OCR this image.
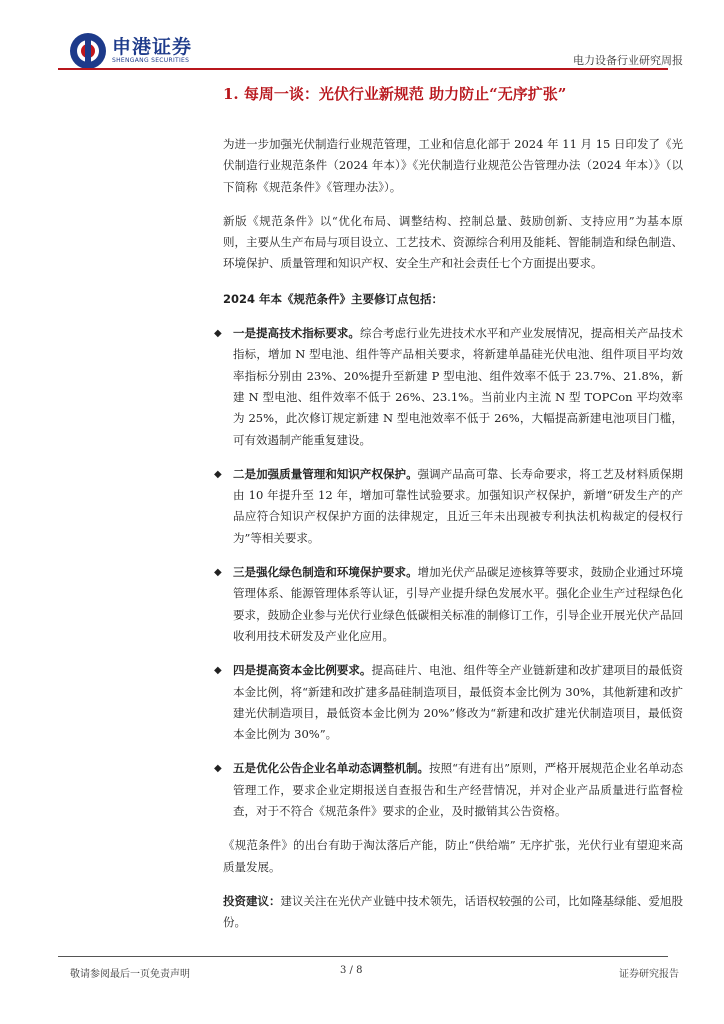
申港证券
SHENGANG SECURITIES	电力设备行业研究周报
1. 每周一谈：光伏行业新规范 助力防止“无序扩张”

为进一步加强光伏制造行业规范管理，工业和信息化部于 2024 年 11 月 15 日印发了《光伏制造行业规范条件（2024 年本）》《光伏制造行业规范公告管理办法（2024 年本）》（以下简称《规范条件》《管理办法》）。

新版《规范条件》以“优化布局、调整结构、控制总量、鼓励创新、支持应用”为基本原则，主要从生产布局与项目设立、工艺技术、资源综合利用及能耗、智能制造和绿色制造、环境保护、质量管理和知识产权、安全生产和社会责任七个方面提出要求。

2024 年本《规范条件》主要修订点包括：

◆ 一是提高技术指标要求。综合考虑行业先进技术水平和产业发展情况，提高相关产品技术指标，增加 N 型电池、组件等产品相关要求，将新建单晶硅光伏电池、组件项目平均效率指标分别由 23%、20%提升至新建 P 型电池、组件效率不低于 23.7%、21.8%，新建 N 型电池、组件效率不低于 26%、23.1%。当前业内主流 N 型 TOPCon 平均效率为 25%，此次修订规定新建 N 型电池效率不低于 26%，大幅提高新建电池项目门槛，可有效遏制产能重复建设。

◆ 二是加强质量管理和知识产权保护。强调产品高可靠、长寿命要求，将工艺及材料质保期由 10 年提升至 12 年，增加可靠性试验要求。加强知识产权保护，新增“研发生产的产品应符合知识产权保护方面的法律规定，且近三年未出现被专利执法机构裁定的侵权行为”等相关要求。

◆ 三是强化绿色制造和环境保护要求。增加光伏产品碳足迹核算等要求，鼓励企业通过环境管理体系、能源管理体系等认证，引导产业提升绿色发展水平。强化企业生产过程绿色化要求，鼓励企业参与光伏行业绿色低碳相关标准的制修订工作，引导企业开展光伏产品回收利用技术研发及产业化应用。

◆ 四是提高资本金比例要求。提高硅片、电池、组件等全产业链新建和改扩建项目的最低资本金比例，将“新建和改扩建多晶硅制造项目，最低资本金比例为 30%，其他新建和改扩建光伏制造项目，最低资本金比例为 20%”修改为“新建和改扩建光伏制造项目，最低资本金比例为 30%”。

◆ 五是优化公告企业名单动态调整机制。按照“有进有出”原则，严格开展规范企业名单动态管理工作，要求企业定期报送自查报告和生产经营情况，并对企业产品质量进行监督检查，对于不符合《规范条件》要求的企业，及时撤销其公告资格。

《规范条件》的出台有助于淘汰落后产能，防止“供给端” 无序扩张，光伏行业有望迎来高质量发展。

投资建议：建议关注在光伏产业链中技术领先，话语权较强的公司，比如隆基绿能、爱旭股份。

敬请参阅最后一页免责声明	3 / 8	证券研究报告
